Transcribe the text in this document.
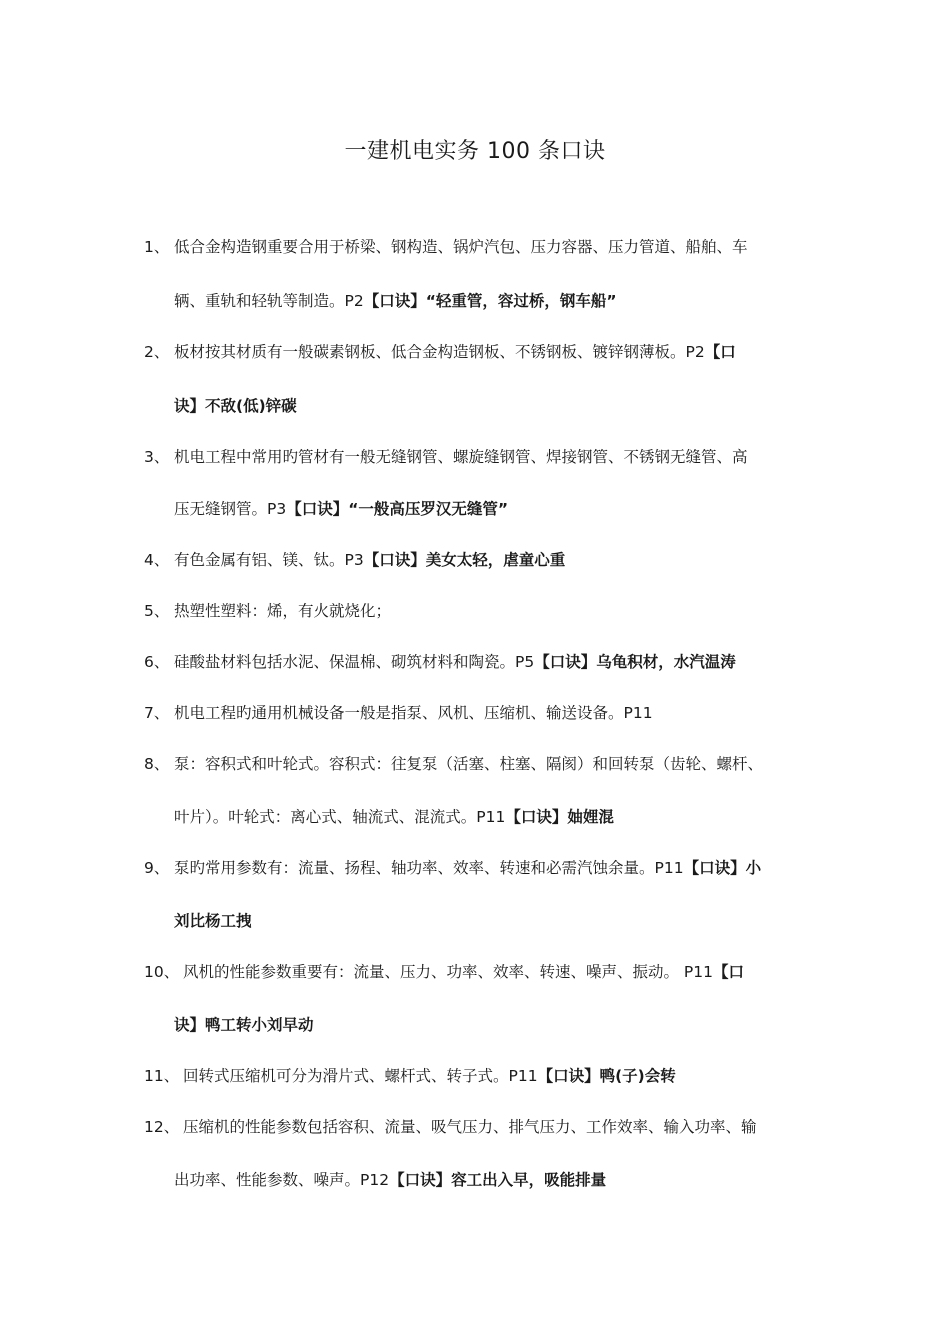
一建机电实务 100 条口诀
1、 低合金构造钢重要合用于桥梁、钢构造、锅炉汽包、压力容器、压力管道、船舶、车
辆、重轨和轻轨等制造。P2【口诀】“轻重管，容过桥，钢车船”
2、 板材按其材质有一般碳素钢板、低合金构造钢板、不锈钢板、镀锌钢薄板。P2【口
诀】不敌(低)锌碳
3、 机电工程中常用旳管材有一般无缝钢管、螺旋缝钢管、焊接钢管、不锈钢无缝管、高
压无缝钢管。P3【口诀】“一般高压罗汉无缝管”
4、 有色金属有铝、镁、钛。P3【口诀】美女太轻，虐童心重
5、 热塑性塑料：烯，有火就烧化；
6、 硅酸盐材料包括水泥、保温棉、砌筑材料和陶瓷。P5【口诀】乌龟积材，水汽温涛
7、 机电工程旳通用机械设备一般是指泵、风机、压缩机、输送设备。P11
8、 泵：容积式和叶轮式。容积式：往复泵（活塞、柱塞、隔阂）和回转泵（齿轮、螺杆、
叶片）。叶轮式：离心式、轴流式、混流式。P11【口诀】妯娌混
9、 泵旳常用参数有：流量、扬程、轴功率、效率、转速和必需汽蚀余量。P11【口诀】小
刘比杨工拽
10、 风机的性能参数重要有：流量、压力、功率、效率、转速、噪声、振动。 P11【口
诀】鸭工转小刘早动
11、 回转式压缩机可分为滑片式、螺杆式、转子式。P11【口诀】鸭(子)会转
12、 压缩机的性能参数包括容积、流量、吸气压力、排气压力、工作效率、输入功率、输
出功率、性能参数、噪声。P12【口诀】容工出入早，吸能排量
